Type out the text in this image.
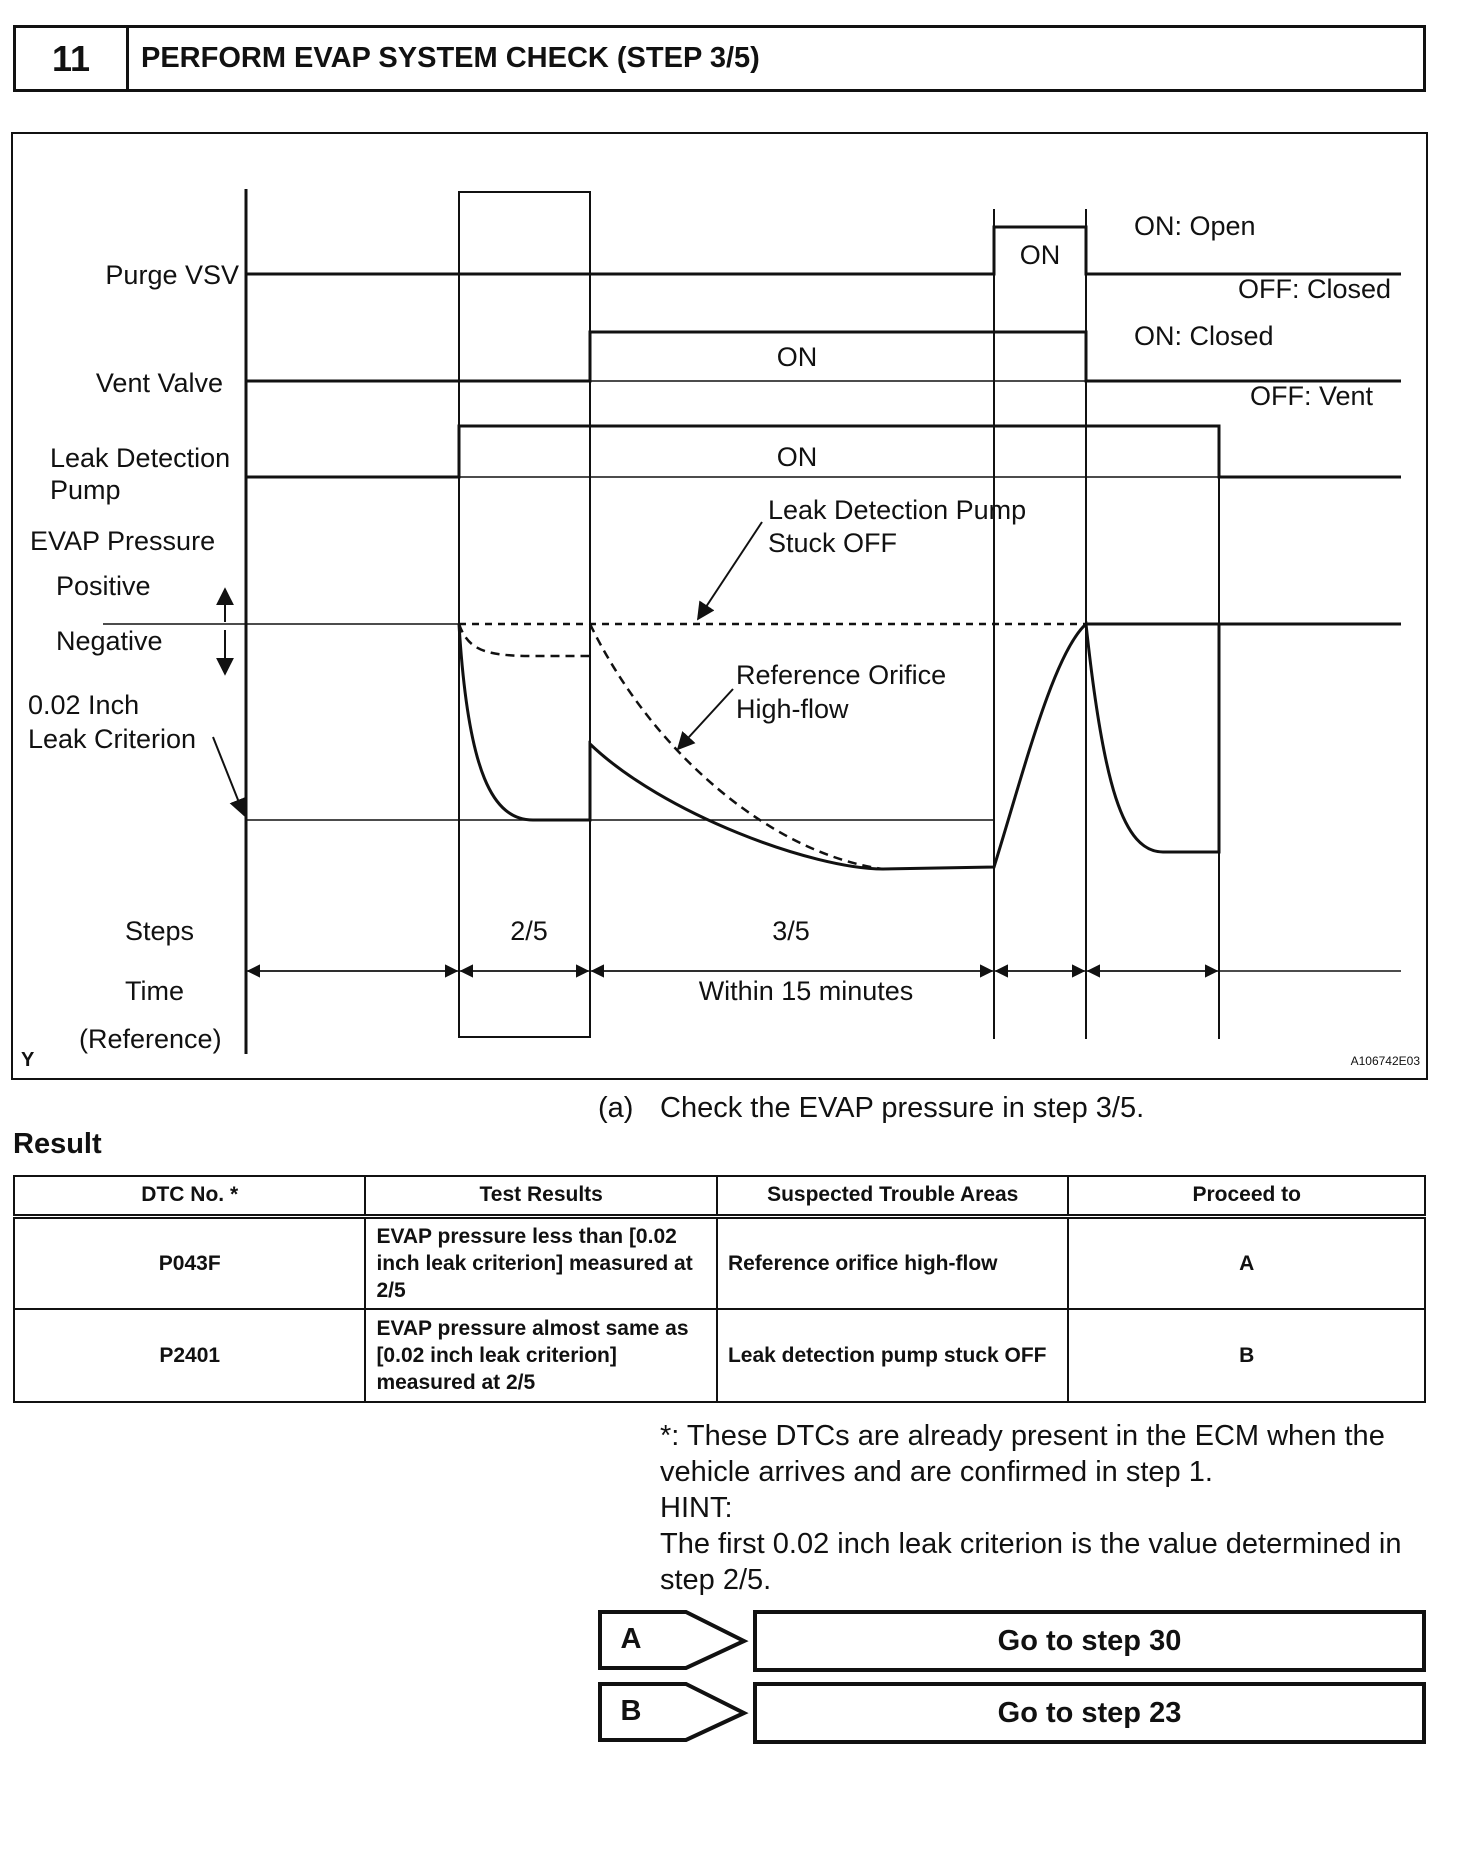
11	PERFORM EVAP SYSTEM CHECK (STEP 3/5)
Purge VSV
Vent Valve
Leak Detection
Pump
EVAP Pressure
Positive
Negative
0.02 Inch
Leak Criterion
Steps
Time
(Reference)
ON
ON: Open
OFF: Closed
ON
ON: Closed
OFF: Vent
ON
Leak Detection Pump
Stuck OFF
Reference Orifice
High-flow
2/5	3/5
Within 15 minutes
Y	A106742E03
(a) Check the EVAP pressure in step 3/5.
Result
DTC No. *	Test Results	Suspected Trouble Areas	Proceed to
P043F	EVAP pressure less than [0.02 inch leak criterion] measured at 2/5	Reference orifice high-flow	A
P2401	EVAP pressure almost same as [0.02 inch leak criterion] measured at 2/5	Leak detection pump stuck OFF	B

*: These DTCs are already present in the ECM when the vehicle arrives and are confirmed in step 1.

HINT:

The first 0.02 inch leak criterion is the value determined in step 2/5.

A	Go to step 30
B	Go to step 23
